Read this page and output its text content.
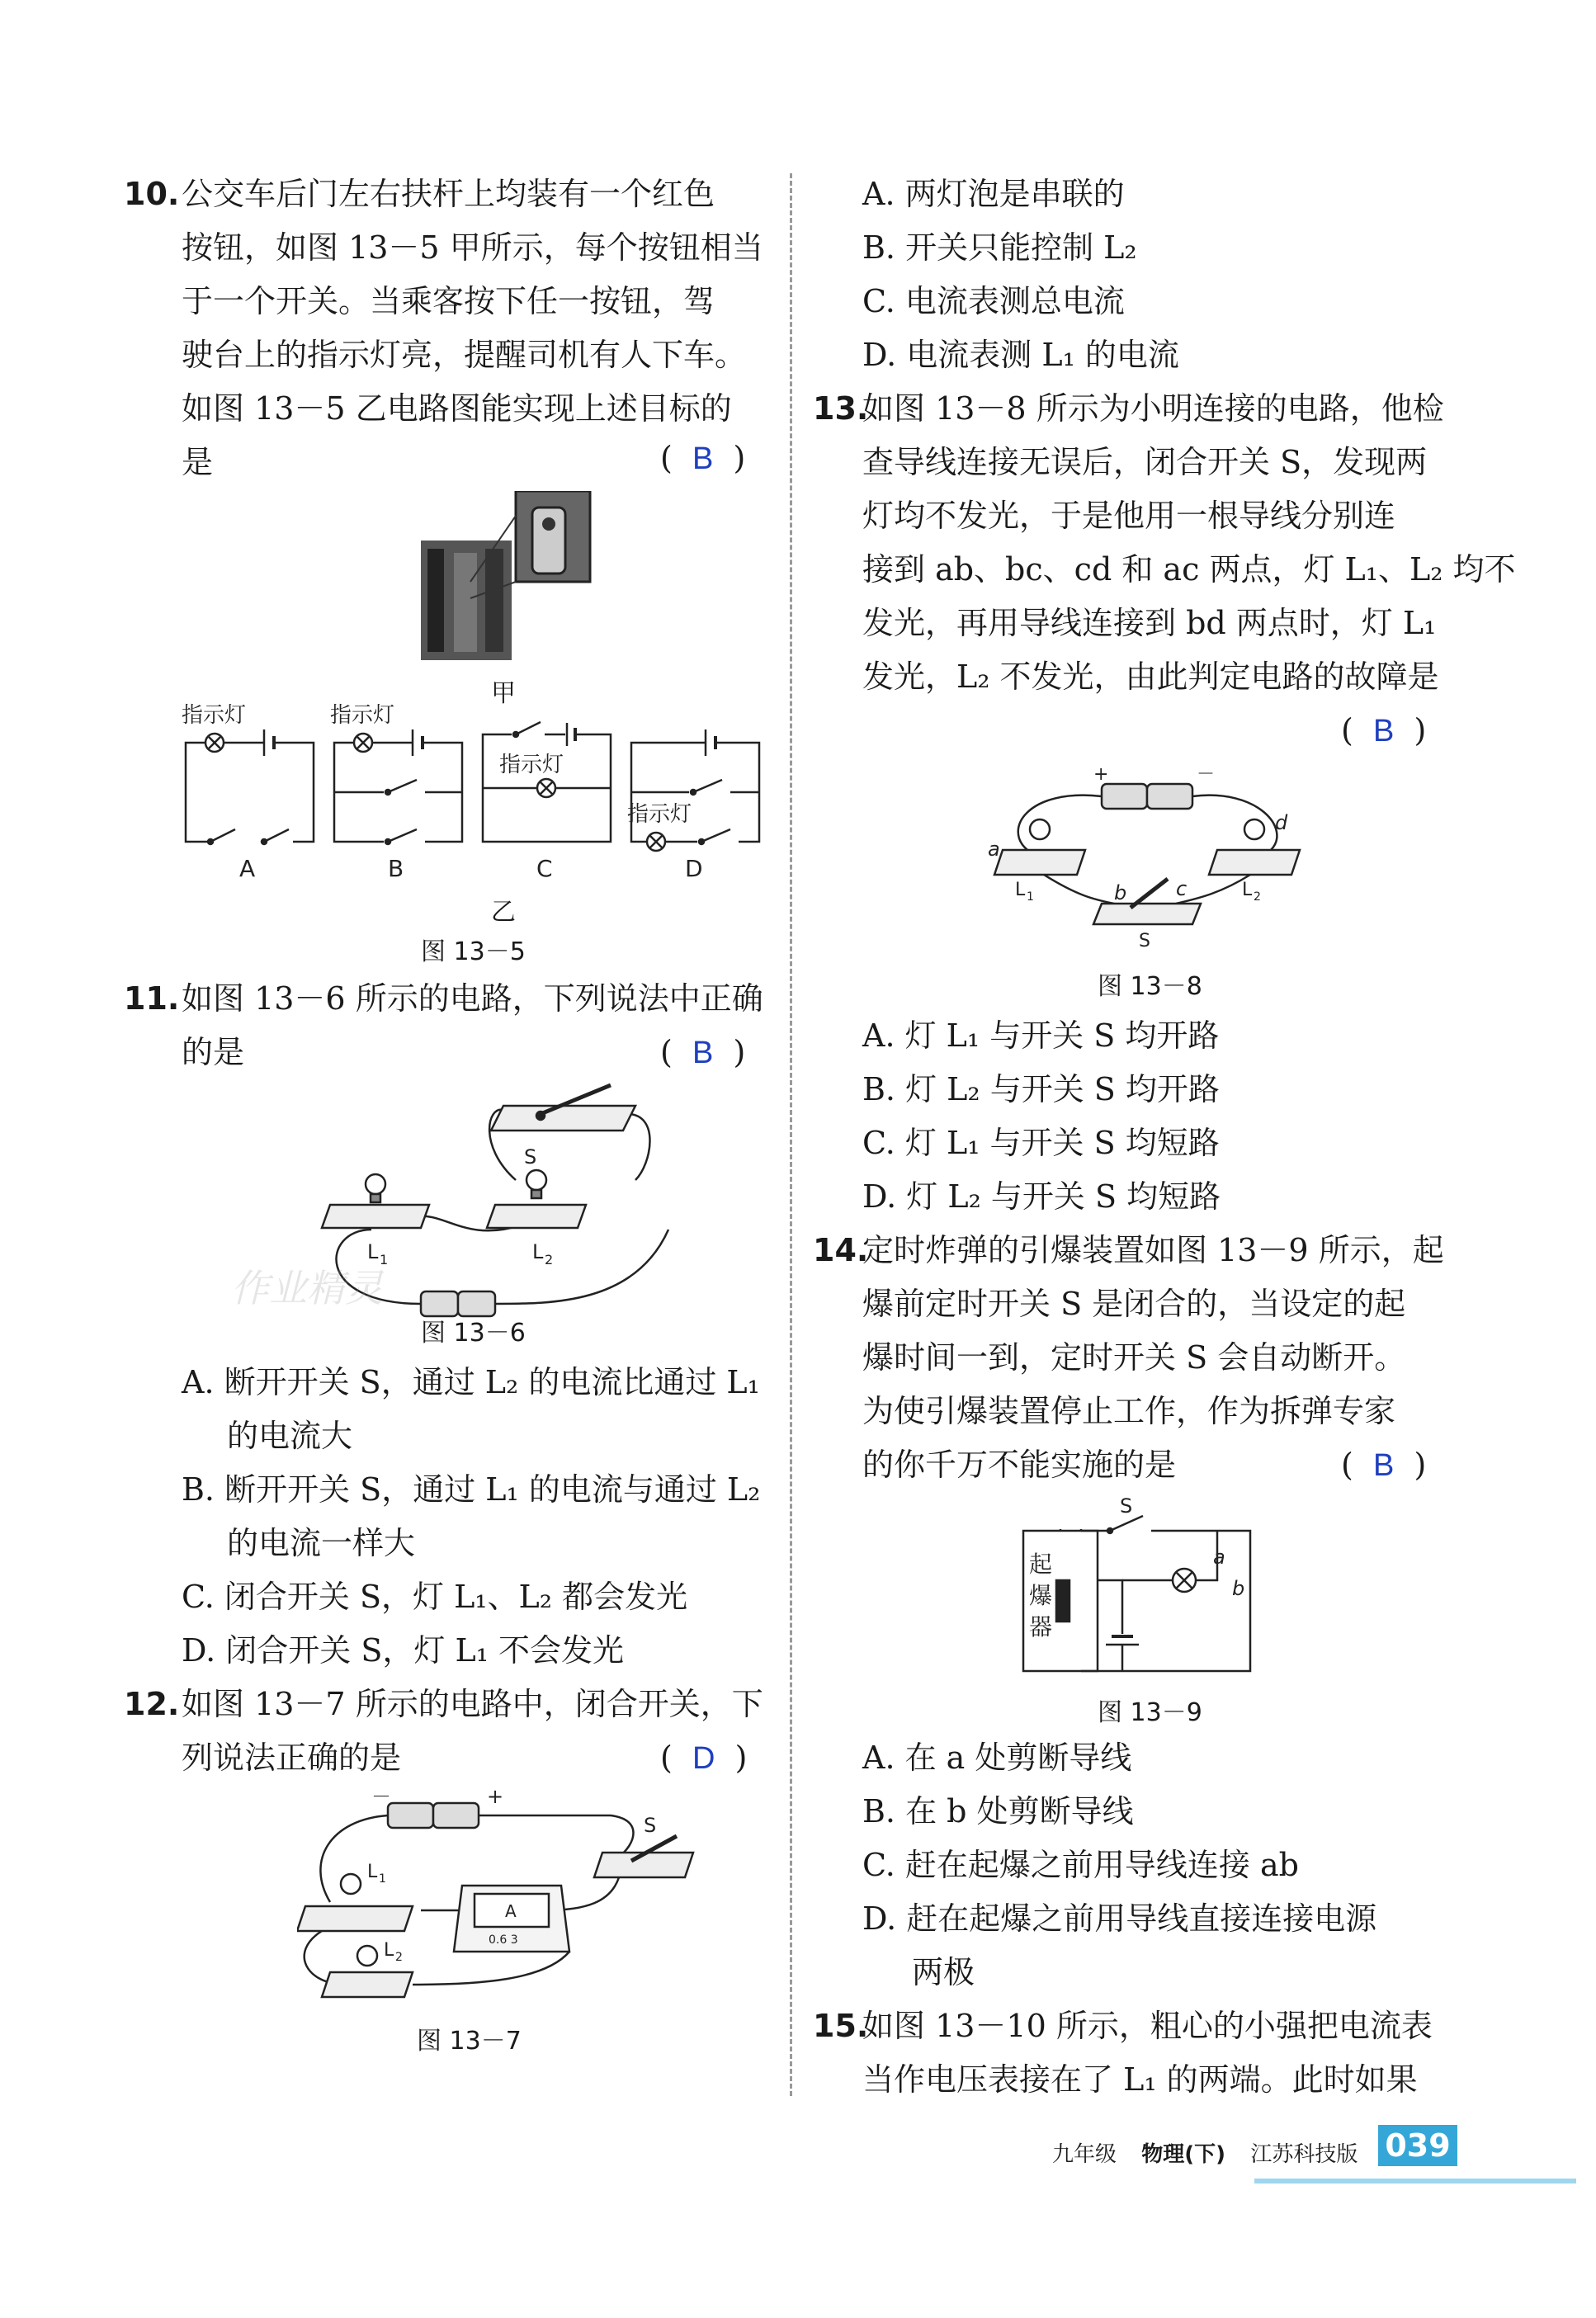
10. 公交车后门左右扶杆上均装有一个红色
按钮，如图 13－5 甲所示，每个按钮相当
于一个开关。当乘客按下任一按钮，驾
驶台上的指示灯亮，提醒司机有人下车。
如图 13－5 乙电路图能实现上述目标的
是	(  B  )
甲
指示灯	指示灯
指示灯
指示灯
A	B	C	D
乙
图 13－5
11. 如图 13－6 所示的电路，下列说法中正确
的是	(  B  )
S
L 1	L 2
图 13－6
作业精灵
A. 断开开关 S，通过 L₂ 的电流比通过 L₁
的电流大
B. 断开开关 S，通过 L₁ 的电流与通过 L₂
的电流一样大
C. 闭合开关 S，灯 L₁、L₂ 都会发光
D. 闭合开关 S，灯 L₁ 不会发光
12. 如图 13－7 所示的电路中，闭合开关，下
列说法正确的是	(  D  )
－	+
S
L 1
L 2
A
0.6 3
图 13－7
A. 两灯泡是串联的
B. 开关只能控制 L₂
C. 电流表测总电流
D. 电流表测 L₁ 的电流
13.
如图 13－8 所示为小明连接的电路，他检
查导线连接无误后，闭合开关 S，发现两
灯均不发光，于是他用一根导线分别连
接到 ab、bc、cd 和 ac 两点，灯 L₁、L₂ 均不
发光，再用导线连接到 bd 两点时，灯 L₁
发光，L₂ 不发光，由此判定电路的故障是
(  B  )
+	－
a
b c
d
L 1	L 2
S
图 13－8
A. 灯 L₁ 与开关 S 均开路
B. 灯 L₂ 与开关 S 均开路
C. 灯 L₁ 与开关 S 均短路
D. 灯 L₂ 与开关 S 均短路
14.
定时炸弹的引爆装置如图 13－9 所示，起
爆前定时开关 S 是闭合的，当设定的起
爆时间一到，定时开关 S 会自动断开。
为使引爆装置停止工作，作为拆弹专家
的你千万不能实施的是	(  B  )
S
a
b
起
爆
器
图 13－9
A. 在 a 处剪断导线
B. 在 b 处剪断导线
C. 赶在起爆之前用导线连接 ab
D. 赶在起爆之前用导线直接连接电源
两极
15.
如图 13－10 所示，粗心的小强把电流表
当作电压表接在了 L₁ 的两端。此时如果
九年级 物理(下) 江苏科技版 039
